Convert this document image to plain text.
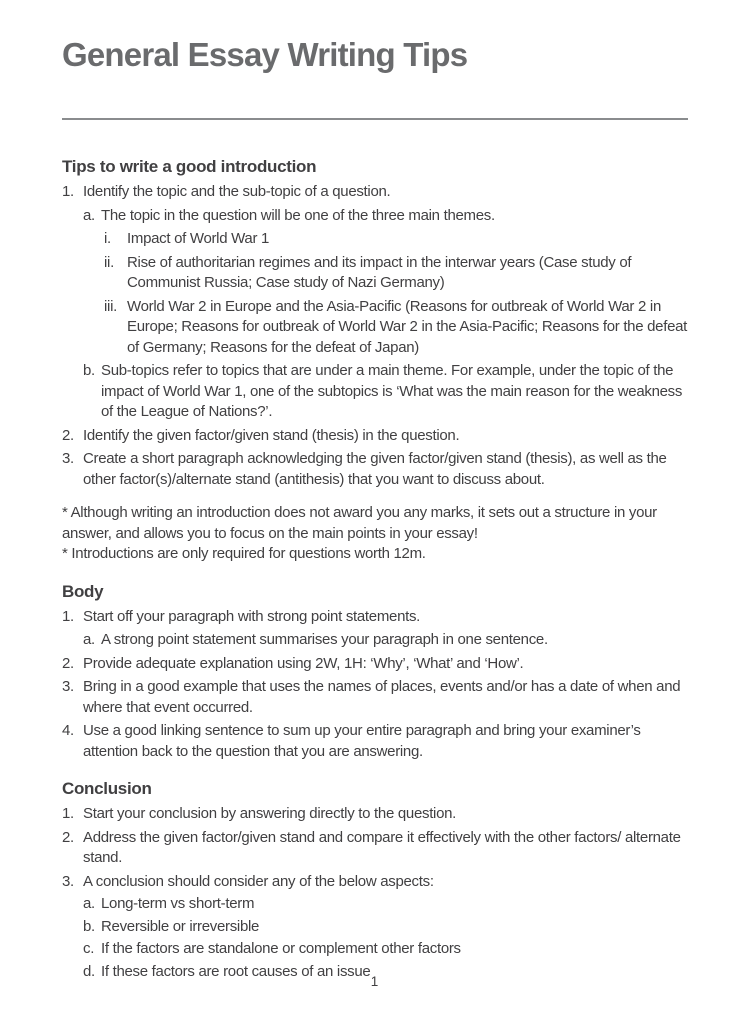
General Essay Writing Tips
Tips to write a good introduction
1. Identify the topic and the sub-topic of a question.
a. The topic in the question will be one of the three main themes.
i.	Impact of World War 1
ii. Rise of authoritarian regimes and its impact in the interwar years (Case study of Communist Russia; Case study of Nazi Germany)
iii. World War 2 in Europe and the Asia-Pacific (Reasons for outbreak of World War 2 in Europe; Reasons for outbreak of World War 2 in the Asia-Pacific; Reasons for the defeat of Germany; Reasons for the defeat of Japan)
b. Sub-topics refer to topics that are under a main theme. For example, under the topic of the impact of World War 1, one of the subtopics is ‘What was the main reason for the weakness of the League of Nations?’.
2. Identify the given factor/given stand (thesis) in the question.
3. Create a short paragraph acknowledging the given factor/given stand (thesis), as well as the other factor(s)/alternate stand (antithesis) that you want to discuss about.

* Although writing an introduction does not award you any marks, it sets out a structure in your answer, and allows you to focus on the main points in your essay!

* Introductions are only required for questions worth 12m.

Body
1. Start off your paragraph with strong point statements.
a. A strong point statement summarises your paragraph in one sentence.
2. Provide adequate explanation using 2W, 1H: ‘Why’, ‘What’ and ‘How’.
3. Bring in a good example that uses the names of places, events and/or has a date of when and where that event occurred.
4. Use a good linking sentence to sum up your entire paragraph and bring your examiner’s attention back to the question that you are answering.
Conclusion
1. Start your conclusion by answering directly to the question.
2. Address the given factor/given stand and compare it effectively with the other factors/ alternate stand.
3. A conclusion should consider any of the below aspects:
a. Long-term vs short-term
b. Reversible or irreversible
c. If the factors are standalone or complement other factors
d. If these factors are root causes of an issue
1
